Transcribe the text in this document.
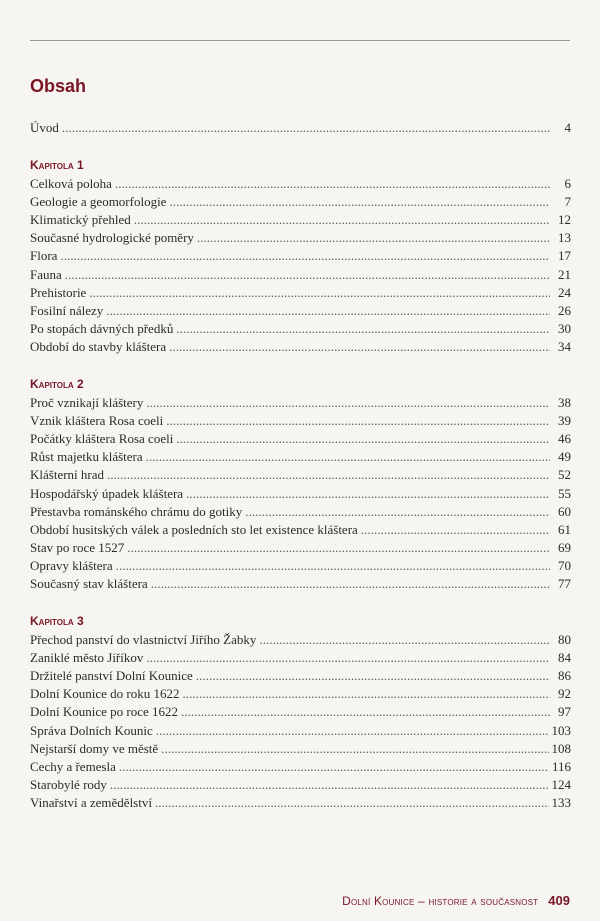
Obsah
Úvod . . .	4
Kapitola 1
Celková poloha . . .	6
Geologie a geomorfologie . . .	7
Klimatický přehled . . .	12
Současné hydrologické poměry . . .	13
Flora . . .	17
Fauna . . .	21
Prehistorie . . .	24
Fosilní nálezy . . .	26
Po stopách dávných předků . . .	30
Období do stavby kláštera . . .	34
Kapitola 2
Proč vznikají kláštery . . .	38
Vznik kláštera Rosa coeli . . .	39
Počátky kláštera Rosa coeli . . .	46
Růst majetku kláštera . . .	49
Klášterní hrad . . .	52
Hospodářský úpadek kláštera . . .	55
Přestavba románského chrámu do gotiky . . .	60
Období husitských válek a posledních sto let existence kláštera . . .	61
Stav po roce 1527 . . .	69
Opravy kláštera . . .	70
Současný stav kláštera . . .	77
Kapitola 3
Přechod panství do vlastnictví Jiřího Žabky . . .	80
Zaniklé město Jiříkov . . .	84
Držitelé panství Dolní Kounice . . .	86
Dolní Kounice do roku 1622 . . .	92
Dolní Kounice po roce 1622 . . .	97
Správa Dolních Kounic . . .	103
Nejstarší domy ve městě . . .	108
Cechy a řemesla . . .	116
Starobylé rody . . .	124
Vinařství a zemědělství . . .	133
Dolní Kounice – historie a současnost 409
